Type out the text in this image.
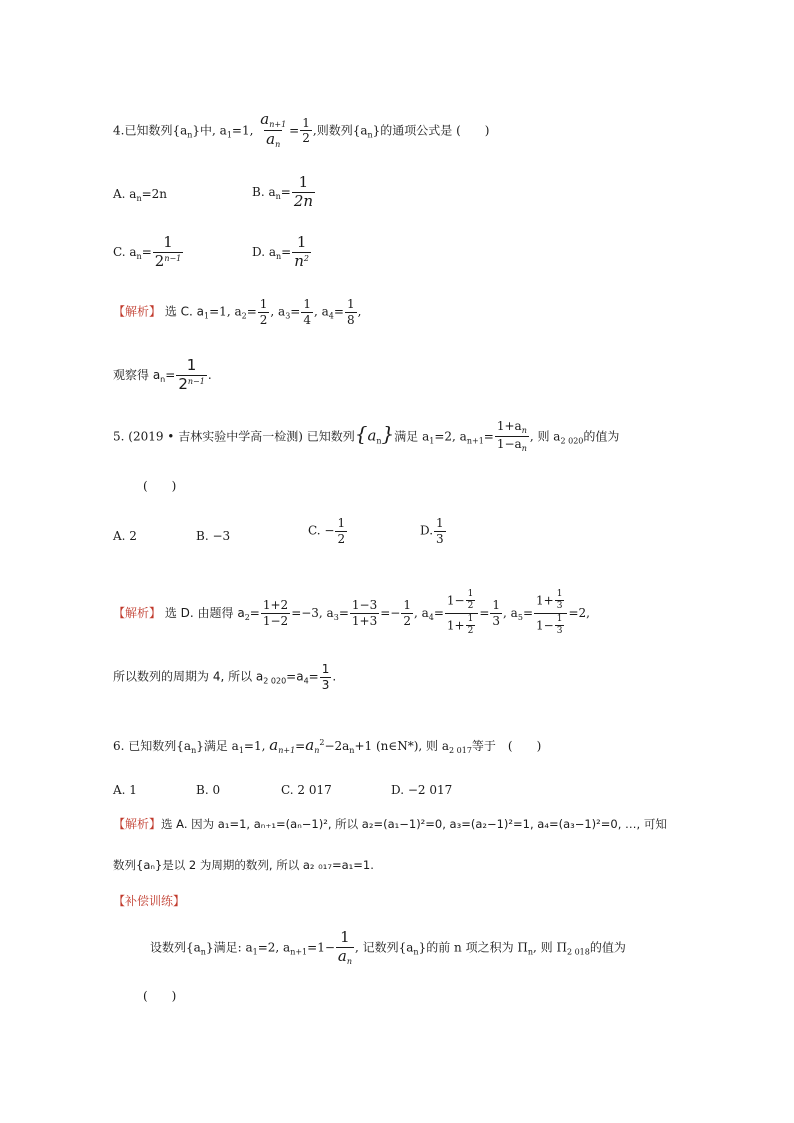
4.已知数列$\{a_n\}$中, $a_1=1$, $\frac{a_{n+1}}{a_n} = \frac{1}{2}$ ,则数列$\{a_n\}$的通项公式是 (　　)
A. $a_n=2n$	B. $a_n= \frac{1}{2n}$
C. $a_n= \frac{1}{2^{n-1}}$	D. $a_n= \frac{1}{n^2}$
【解析】 选 C. $a_1=1$, $a_2= \frac{1}{2}$ , $a_3= \frac{1}{4}$ , $a_4= \frac{1}{8}$ ,
观察得 $a_n= \frac{1}{2^{n-1}}$ .
5. (2019 • 吉林实验中学高一检测) 已知数列$\{a_n\}$满足 $a_1=2$, $a_{n+1}= \frac{1+a_n}{1-a_n}$ , 则 $a_{2 020}$的值为
(　　)
A. 2	B. −3	C. − $\frac{1}{2}$	D. $\frac{1}{3}$
【解析】 选 D. 由题得 $a_2= \frac{1+2}{1-2} =-3$, $a_3= \frac{1-3}{1+3} =- \frac{1}{2}$ , $a_4= \frac{1- \frac{1}{2}}{1+ \frac{1}{2}} = \frac{1}{3}$ , $a_5= \frac{1+ \frac{1}{3}}{1- \frac{1}{3}} =2$,
所以数列的周期为 4, 所以 $a_{2 020}=a_4= \frac{1}{3}$ .
6. 已知数列$\{a_n\}$满足 $a_1=1$, $a_{n+1}=a_n^2-2a_n+1$ (n∈N*), 则 $a_{2 017}$等于　(　　)
A. 1	B. 0	C. 2 017	D. −2 017
【解析】选 A. 因为 a₁=1, aₙ₊₁=(aₙ−1)², 所以 a₂=(a₁−1)²=0, a₃=(a₂−1)²=1, a₄=(a₃−1)²=0, …, 可知
数列{aₙ}是以 2 为周期的数列, 所以 a₂ ₀₁₇=a₁=1.
【补偿训练】
设数列$\{a_n\}$满足: $a_1=2$, $a_{n+1}=1- \frac{1}{a_n}$ , 记数列$\{a_n\}$的前 n 项之积为 $\Pi_n$, 则 $\Pi_{2 018}$的值为
(　　)
